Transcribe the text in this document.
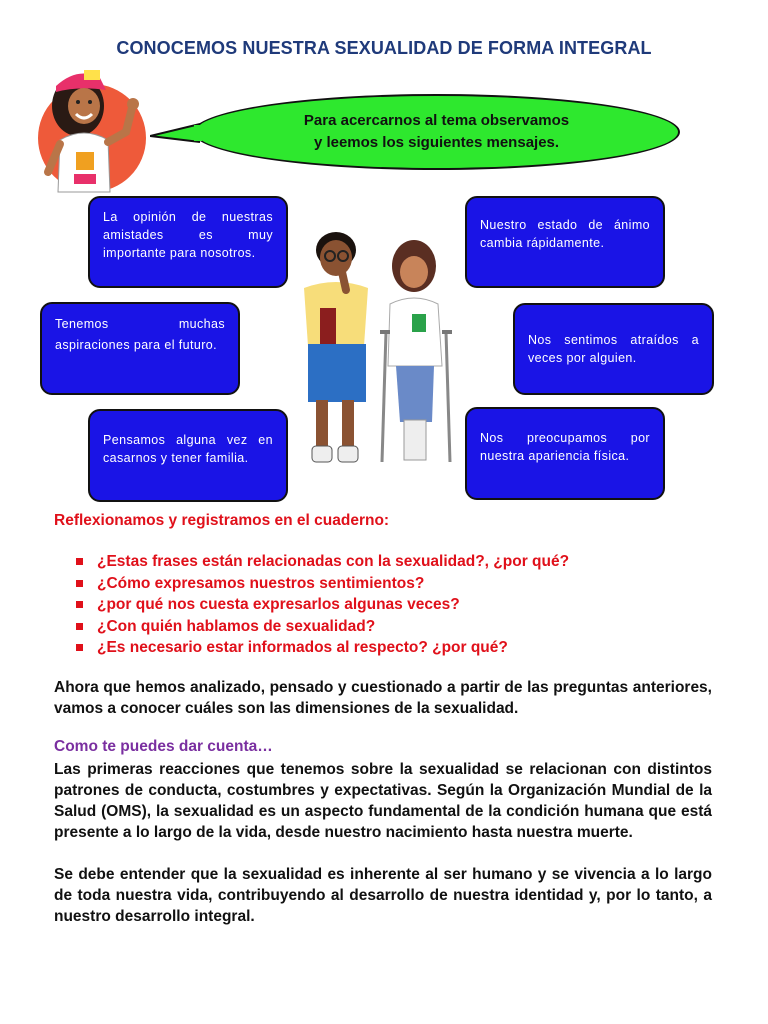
CONOCEMOS NUESTRA SEXUALIDAD DE FORMA INTEGRAL
Para acercarnos al tema observamos
y leemos los siguientes mensajes.
La opinión de nuestras amistades es muy importante para nosotros.
Nuestro estado de ánimo cambia rápidamente.
Tenemos muchas aspiraciones para el futuro.	Nos sentimos atraídos a veces por alguien.
Pensamos alguna vez en casarnos y tener familia.
Nos preocupamos por nuestra apariencia física.
Reflexionamos y registramos en el cuaderno:
¿Estas frases están relacionadas con la sexualidad?, ¿por qué?
¿Cómo expresamos nuestros sentimientos?
¿por qué nos cuesta expresarlos algunas veces?
¿Con quién hablamos de sexualidad?
¿Es necesario estar informados al respecto? ¿por qué?
Ahora que hemos analizado, pensado y cuestionado a partir de las preguntas anteriores, vamos a conocer cuáles son las dimensiones de la sexualidad.
Como te puedes dar cuenta…
Las primeras reacciones que tenemos sobre la sexualidad se relacionan con distintos patrones de conducta, costumbres y expectativas. Según la Organización Mundial de la Salud (OMS), la sexualidad es un aspecto fundamental de la condición humana que está presente a lo largo de la vida, desde nuestro nacimiento hasta nuestra muerte.
Se debe entender que la sexualidad es inherente al ser humano y se vivencia a lo largo de toda nuestra vida, contribuyendo al desarrollo de nuestra identidad y, por lo tanto, a nuestro desarrollo integral.
